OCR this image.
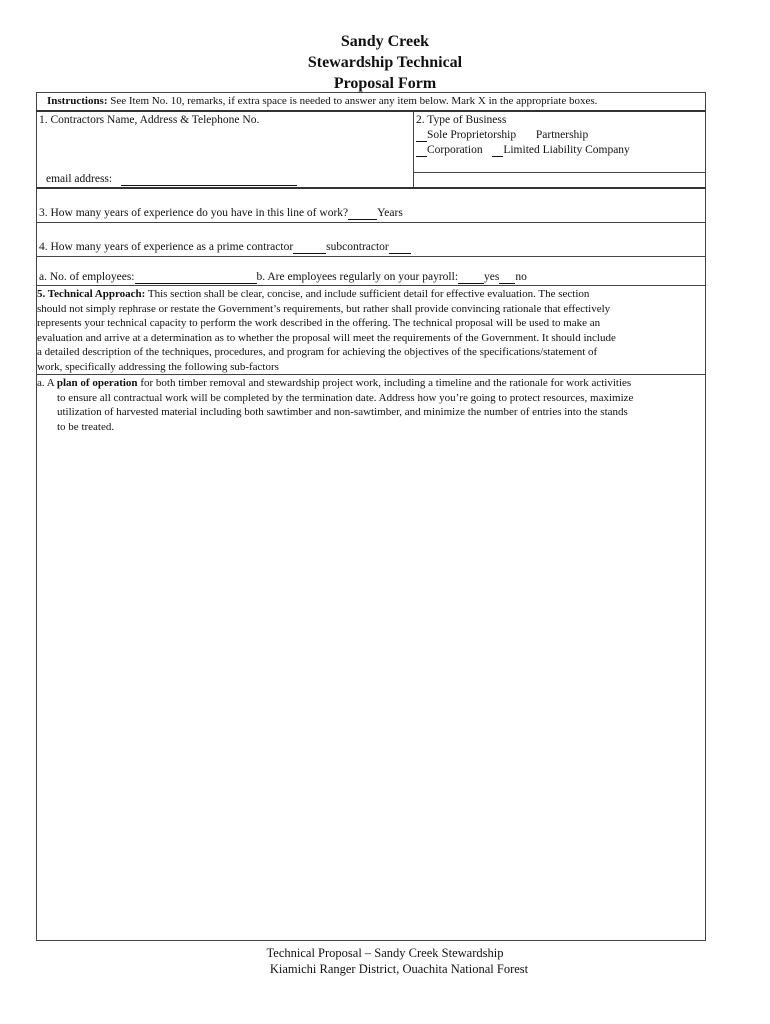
Sandy Creek
Stewardship Technical
Proposal Form
Instructions: See Item No. 10, remarks, if extra space is needed to answer any item below. Mark X in the appropriate boxes.
1. Contractors Name, Address & Telephone No.
email address:
2. Type of Business
Sole Proprietorship Partnership
Corporation Limited Liability Company
3. How many years of experience do you have in this line of work?	Years
4. How many years of experience as a prime contractor	subcontractor
a. No. of employees:	b. Are employees regularly on your payroll: yes no
5. Technical Approach: This section shall be clear, concise, and include sufficient detail for effective evaluation. The section
should not simply rephrase or restate the Government’s requirements, but rather shall provide convincing rationale that effectively
represents your technical capacity to perform the work described in the offering. The technical proposal will be used to make an
evaluation and arrive at a determination as to whether the proposal will meet the requirements of the Government. It should include
a detailed description of the techniques, procedures, and program for achieving the objectives of the specifications/statement of
work, specifically addressing the following sub-factors
a. A plan of operation for both timber removal and stewardship project work, including a timeline and the rationale for work activities
to ensure all contractual work will be completed by the termination date. Address how you’re going to protect resources, maximize
utilization of harvested material including both sawtimber and non-sawtimber, and minimize the number of entries into the stands
to be treated.
Technical Proposal – Sandy Creek Stewardship
Kiamichi Ranger District, Ouachita National Forest
